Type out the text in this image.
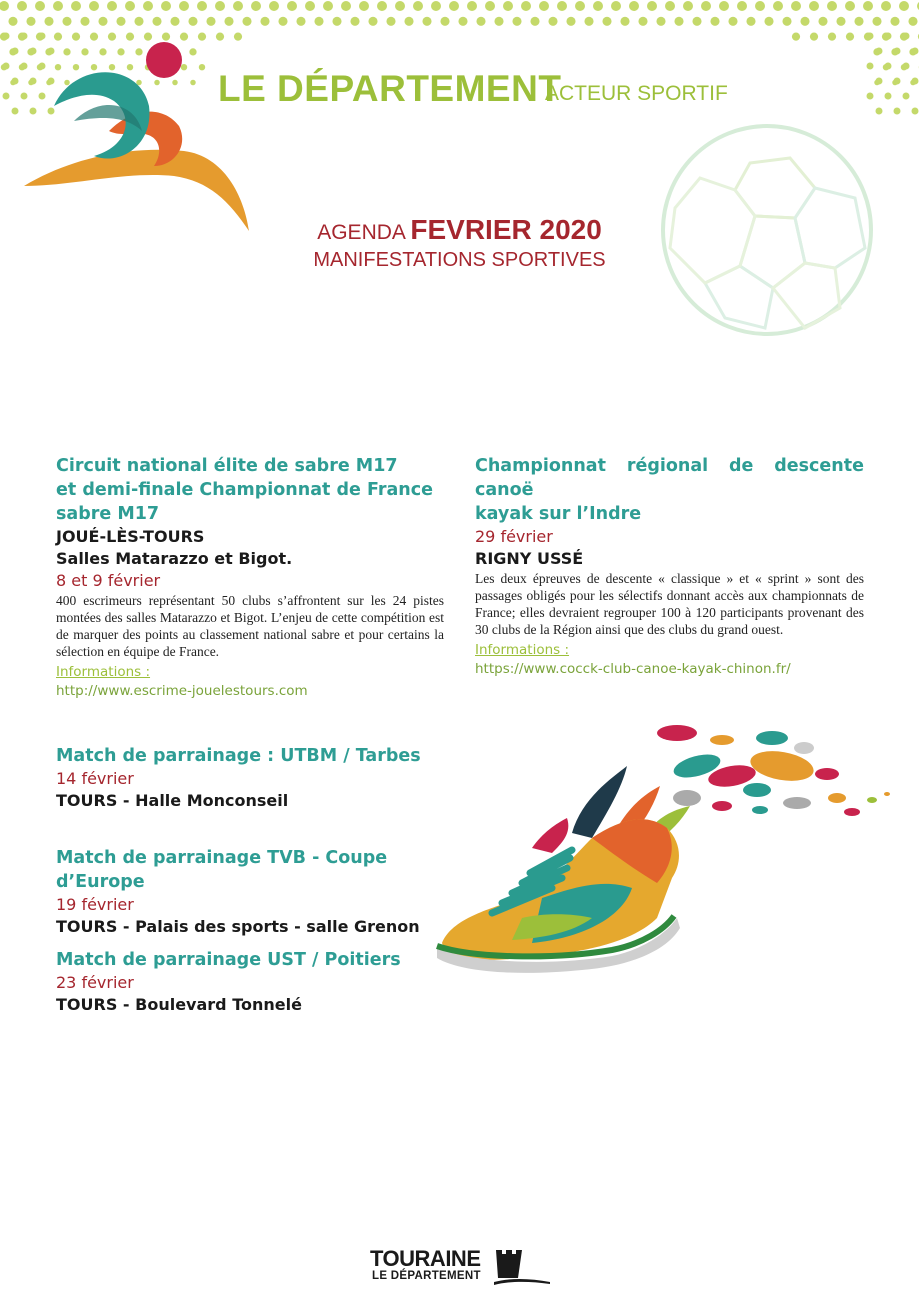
LE DÉPARTEMENT
ACTEUR SPORTIF
AGENDA FEVRIER 2020
MANIFESTATIONS SPORTIVES
Circuit national élite de sabre M17
et demi-finale Championnat de France
sabre M17
JOUÉ-LÈS-TOURS
Salles Matarazzo et Bigot.
8 et 9 février
400 escrimeurs représentant 50 clubs s’affrontent sur les 24 pistes montées des salles Matarazzo et Bigot. L’enjeu de cette compétition est de marquer des points au classement national sabre et pour certains la sélection en équipe de France.
Informations :
http://www.escrime-jouelestours.com
Championnat régional de descente canoë
kayak sur l’Indre
29 février
RIGNY USSÉ
Les deux épreuves de descente « classique » et « sprint » sont des passages obligés pour les sélectifs donnant accès aux championnats de France; elles devraient regrouper 100 à 120 participants provenant des 30 clubs de la Région ainsi que des clubs du grand ouest.
Informations :
https://www.cocck-club-canoe-kayak-chinon.fr/
Match de parrainage : UTBM / Tarbes
14 février
TOURS - Halle Monconseil
Match de parrainage TVB - Coupe d’Europe
19 février
TOURS - Palais des sports - salle Grenon
Match de parrainage UST / Poitiers
23 février
TOURS - Boulevard Tonnelé
TOURAINE
LE DÉPARTEMENT
